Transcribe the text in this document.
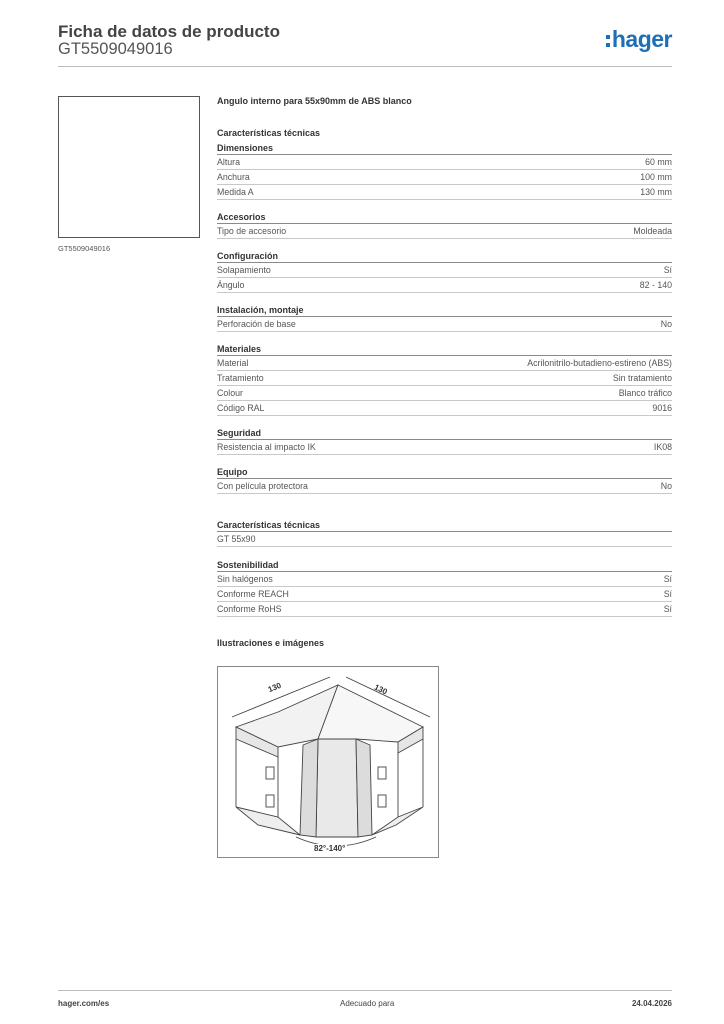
Ficha de datos de producto
GT5509049016	hager
GT5509049016
Angulo interno para 55x90mm de ABS blanco
Características técnicas
Dimensiones
Altura	60 mm
Anchura	100 mm
Medida A	130 mm
Accesorios
Tipo de accesorio	Moldeada
Configuración
Solapamiento	Sí
Ángulo	82 - 140
Instalación, montaje
Perforación de base	No
Materiales
Material	Acrilonitrilo-butadieno-estireno (ABS)
Tratamiento	Sin tratamiento
Colour	Blanco tráfico
Código RAL	9016
Seguridad
Resistencia al impacto IK	IK08
Equipo
Con película protectora	No
Características técnicas
GT 55x90
Sostenibilidad
Sin halógenos	Sí
Conforme REACH	Sí
Conforme RoHS	Sí
Ilustraciones e imágenes
130	130
82°-140°
hager.com/es	Adecuado para	24.04.2026
